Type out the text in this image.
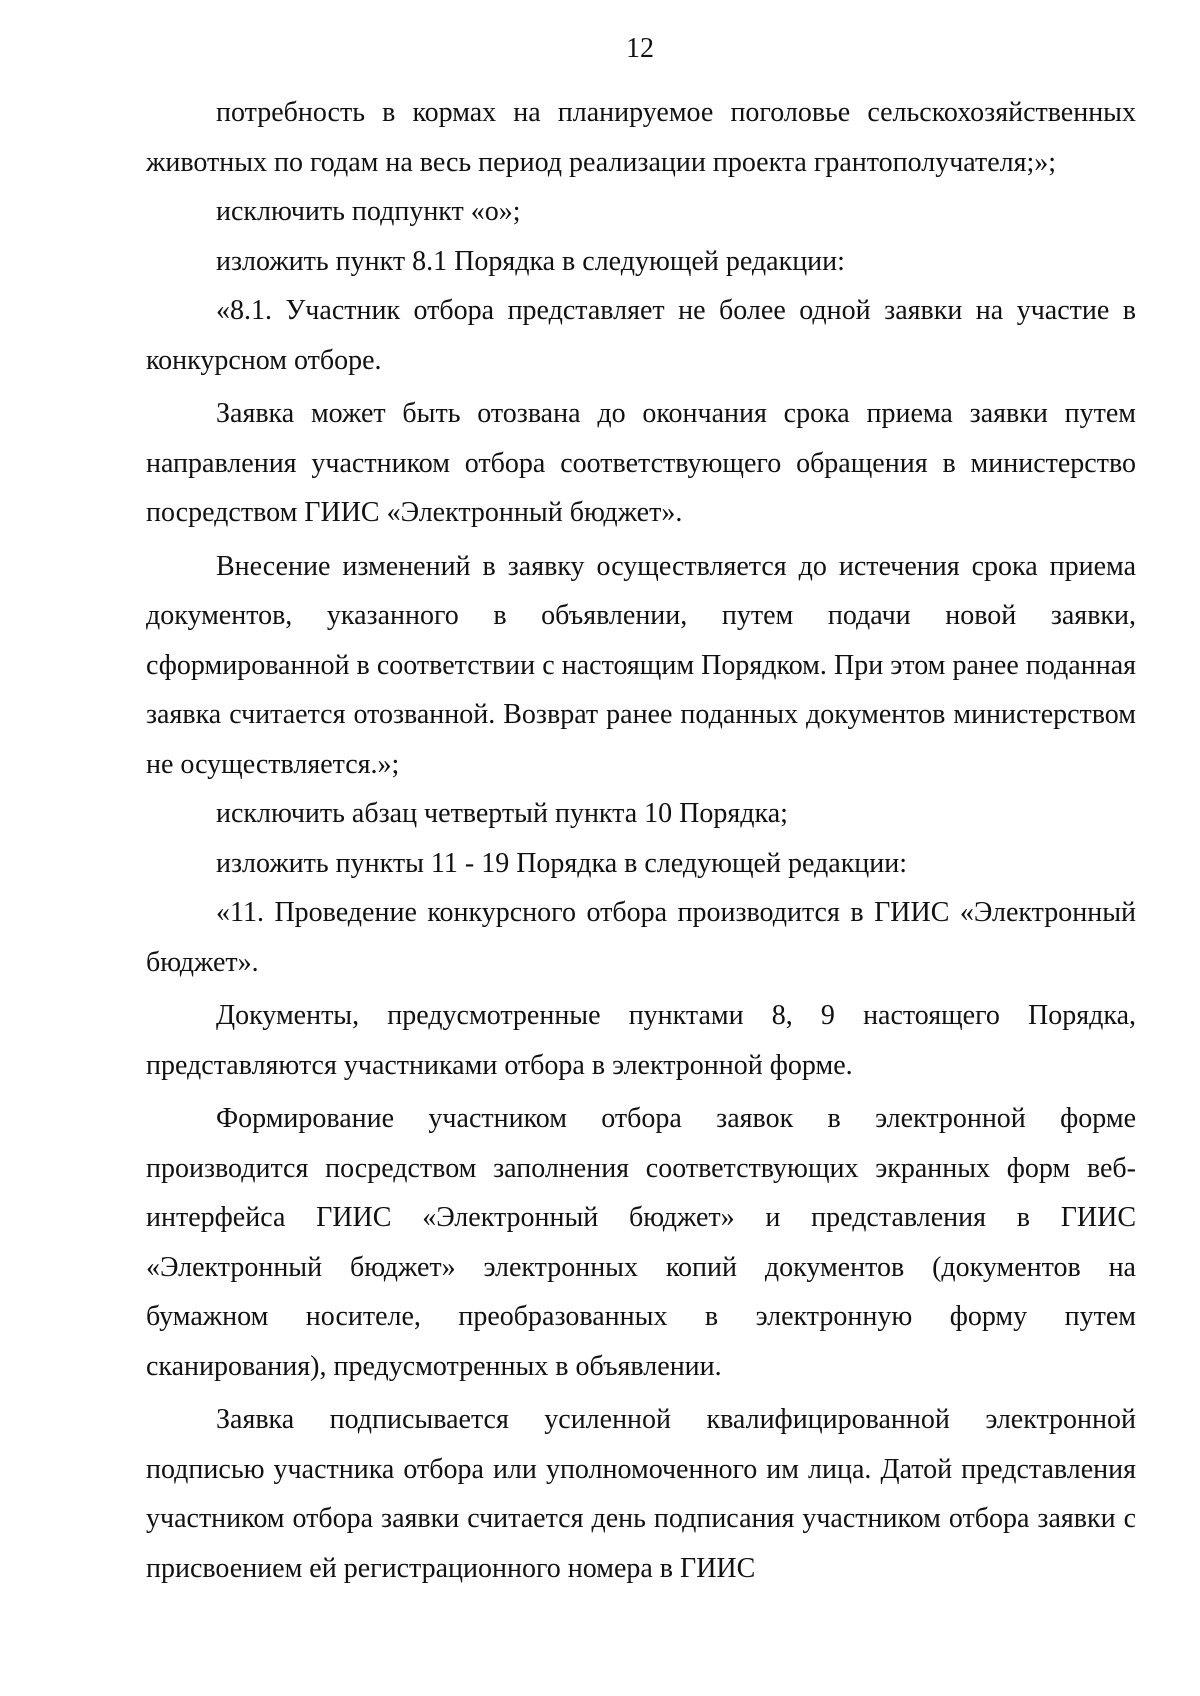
12

потребность в кормах на планируемое поголовье сельскохозяйственных животных по годам на весь период реализации проекта грантополучателя;»;

исключить подпункт «о»;

изложить пункт 8.1 Порядка в следующей редакции:

«8.1. Участник отбора представляет не более одной заявки на участие в конкурсном отборе.

Заявка может быть отозвана до окончания срока приема заявки путем направления участником отбора соответствующего обращения в министерство посредством ГИИС «Электронный бюджет».

Внесение изменений в заявку осуществляется до истечения срока приема документов, указанного в объявлении, путем подачи новой заявки, сформированной в соответствии с настоящим Порядком. При этом ранее поданная заявка считается отозванной. Возврат ранее поданных документов министерством не осуществляется.»;

исключить абзац четвертый пункта 10 Порядка;

изложить пункты 11 - 19 Порядка в следующей редакции:

«11. Проведение конкурсного отбора производится в ГИИС «Электронный бюджет».

Документы, предусмотренные пунктами 8, 9 настоящего Порядка, представляются участниками отбора в электронной форме.

Формирование участником отбора заявок в электронной форме производится посредством заполнения соответствующих экранных форм веб-интерфейса ГИИС «Электронный бюджет» и представления в ГИИС «Электронный бюджет» электронных копий документов (документов на бумажном носителе, преобразованных в электронную форму путем сканирования), предусмотренных в объявлении.

Заявка подписывается усиленной квалифицированной электронной подписью участника отбора или уполномоченного им лица. Датой представления участником отбора заявки считается день подписания участником отбора заявки с присвоением ей регистрационного номера в ГИИС
